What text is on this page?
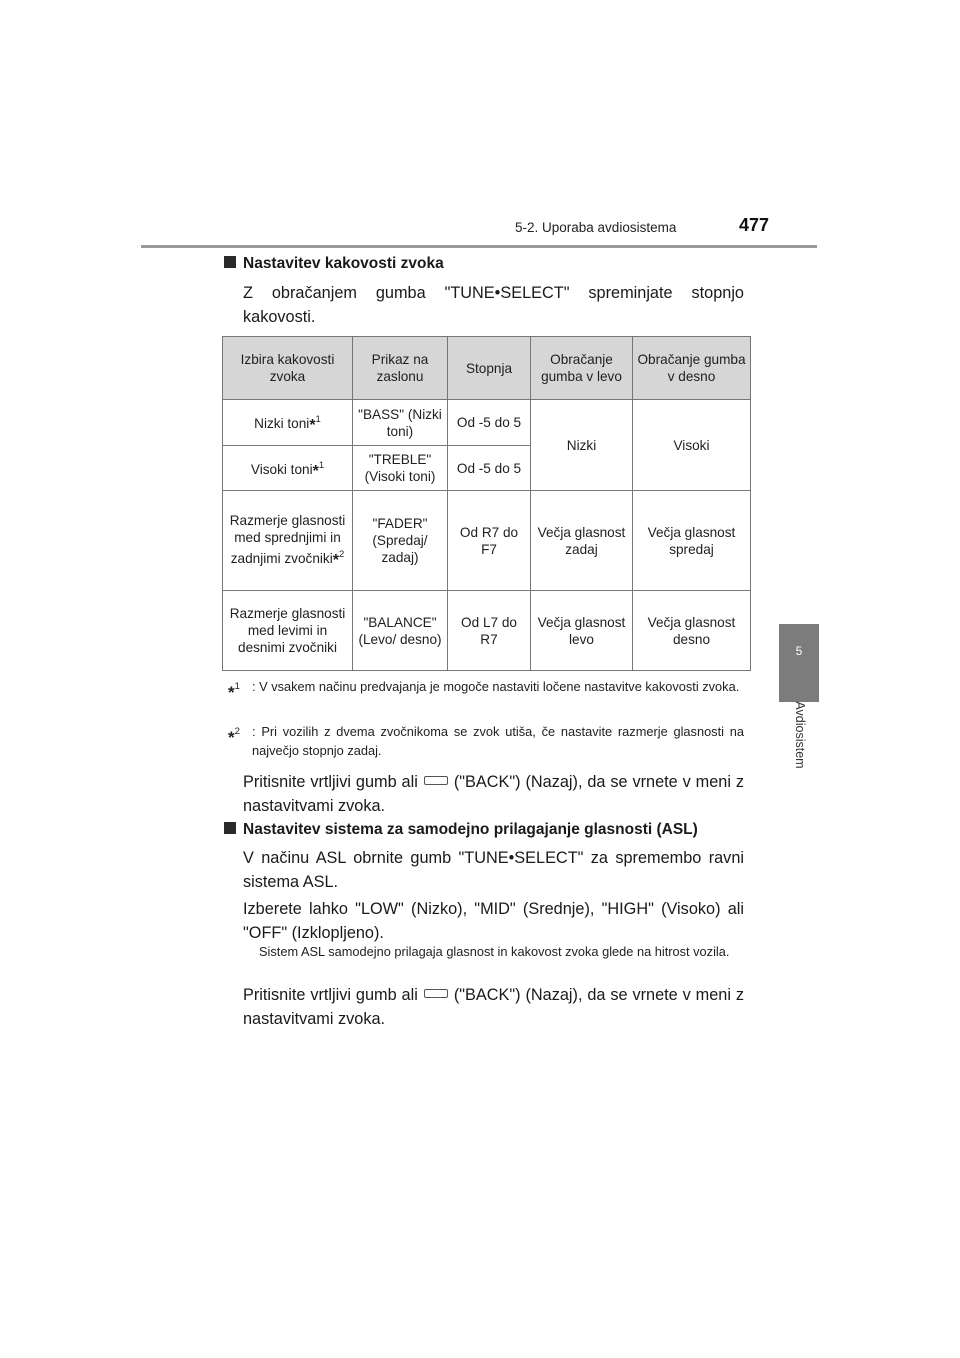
5-2. Uporaba avdiosistema	477
5
Avdiosistem
Nastavitev kakovosti zvoka
Z obračanjem gumba "TUNE•SELECT" spreminjate stopnjo kakovosti.
Izbira kakovosti zvoka	Prikaz na zaslonu	Stopnja	Obračanje gumba v levo	Obračanje gumba v desno
Nizki toni*$^1$	"BASS" (Nizki toni)	Od -5 do 5	Nizki	Visoki
Visoki toni*$^1$	"TREBLE" (Visoki toni)	Od -5 do 5		
Razmerje glasnosti med sprednjimi in zadnjimi zvočniki*$^2$	"FADER" (Spredaj/ zadaj)	Od R7 do F7	Večja glasnost zadaj	Večja glasnost spredaj
Razmerje glasnosti med levimi in desnimi zvočniki	"BALANCE" (Levo/ desno)	Od L7 do R7	Večja glasnost levo	Večja glasnost desno
*$^1$ : V vsakem načinu predvajanja je mogoče nastaviti ločene nastavitve kakovosti zvoka.
*$^2$ : Pri vozilih z dvema zvočnikoma se zvok utiša, če nastavite razmerje glasnosti na največjo stopnjo zadaj.
Pritisnite vrtljivi gumb ali ("BACK") (Nazaj), da se vrnete v meni z nastavitvami zvoka.
Nastavitev sistema za samodejno prilagajanje glasnosti (ASL)
V načinu ASL obrnite gumb "TUNE•SELECT" za spremembo ravni sistema ASL.
Izberete lahko "LOW" (Nizko), "MID" (Srednje), "HIGH" (Visoko) ali "OFF" (Izklopljeno).
Sistem ASL samodejno prilagaja glasnost in kakovost zvoka glede na hitrost vozila.
Pritisnite vrtljivi gumb ali ("BACK") (Nazaj), da se vrnete v meni z nastavitvami zvoka.
